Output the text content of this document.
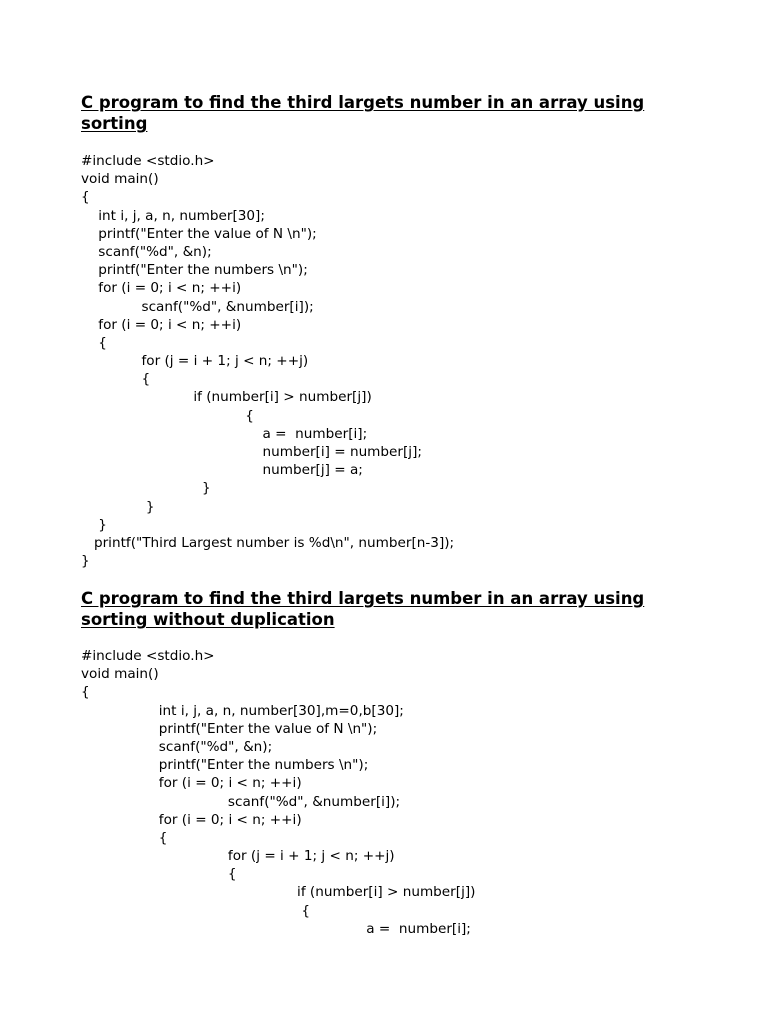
C program to find the third largets number in an array using
sorting
#include <stdio.h>
void main()
{
int i, j, a, n, number[30];
printf("Enter the value of N \n");
scanf("%d", &n);
printf("Enter the numbers \n");
for (i = 0; i < n; ++i)
scanf("%d", &number[i]);
for (i = 0; i < n; ++i)
{
for (j = i + 1; j < n; ++j)
{
if (number[i] > number[j])
{
a =  number[i];
number[i] = number[j];
number[j] = a;
}
}
}
printf("Third Largest number is %d\n", number[n-3]);
}
C program to find the third largets number in an array using
sorting without duplication
#include <stdio.h>
void main()
{
int i, j, a, n, number[30],m=0,b[30];
printf("Enter the value of N \n");
scanf("%d", &n);
printf("Enter the numbers \n");
for (i = 0; i < n; ++i)
scanf("%d", &number[i]);
for (i = 0; i < n; ++i)
{
for (j = i + 1; j < n; ++j)
{
if (number[i] > number[j])
{
a =  number[i];
